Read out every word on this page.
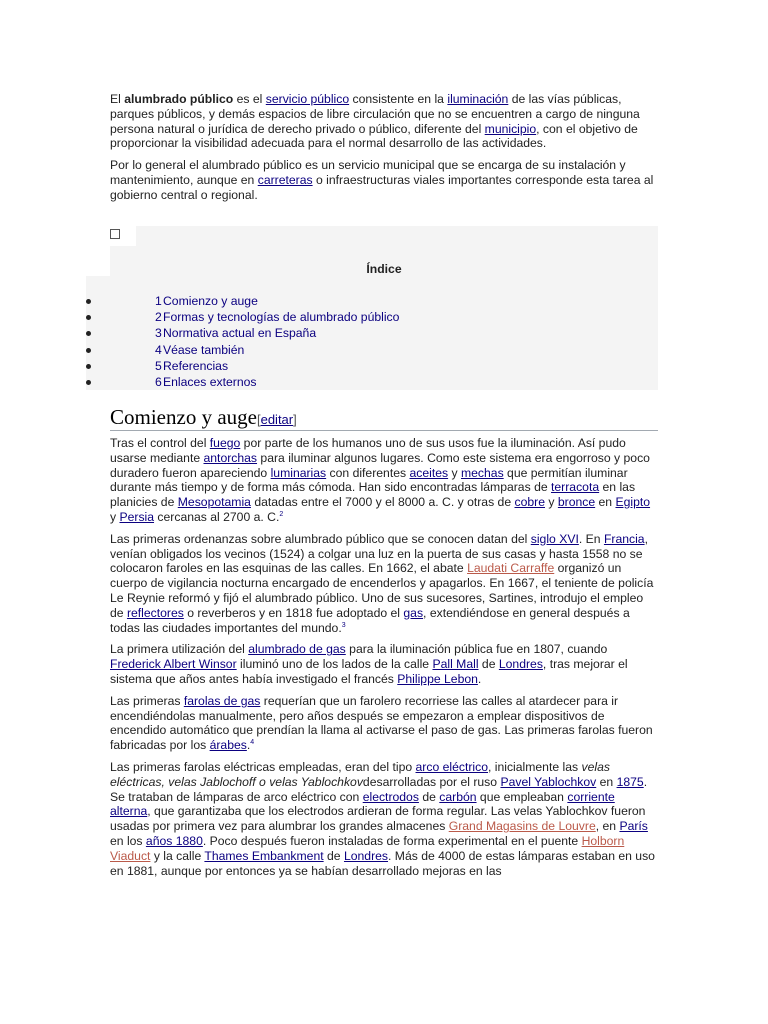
El alumbrado público es el servicio público consistente en la iluminación de las vías públicas, parques públicos, y demás espacios de libre circulación que no se encuentren a cargo de ninguna persona natural o jurídica de derecho privado o público, diferente del municipio, con el objetivo de proporcionar la visibilidad adecuada para el normal desarrollo de las actividades.

Por lo general el alumbrado público es un servicio municipal que se encarga de su instalación y mantenimiento, aunque en carreteras o infraestructuras viales importantes corresponde esta tarea al gobierno central o regional.

Índice
1 Comienzo y auge
2 Formas y tecnologías de alumbrado público
3 Normativa actual en España
4 Véase también
5 Referencias
6 Enlaces externos
Comienzo y auge[editar]

Tras el control del fuego por parte de los humanos uno de sus usos fue la iluminación. Así pudo usarse mediante antorchas para iluminar algunos lugares. Como este sistema era engorroso y poco duradero fueron apareciendo luminarias con diferentes aceites y mechas que permitían iluminar durante más tiempo y de forma más cómoda. Han sido encontradas lámparas de terracota en las planicies de Mesopotamia datadas entre el 7000 y el 8000 a. C. y otras de cobre y bronce en Egipto y Persia cercanas al 2700 a. C.$^2$

Las primeras ordenanzas sobre alumbrado público que se conocen datan del siglo XVI. En Francia, venían obligados los vecinos (1524) a colgar una luz en la puerta de sus casas y hasta 1558 no se colocaron faroles en las esquinas de las calles. En 1662, el abate Laudati Carraffe organizó un cuerpo de vigilancia nocturna encargado de encenderlos y apagarlos. En 1667, el teniente de policía Le Reynie reformó y fijó el alumbrado público. Uno de sus sucesores, Sartines, introdujo el empleo de reflectores o reverberos y en 1818 fue adoptado el gas, extendiéndose en general después a todas las ciudades importantes del mundo.$^3$

La primera utilización del alumbrado de gas para la iluminación pública fue en 1807, cuando Frederick Albert Winsor iluminó uno de los lados de la calle Pall Mall de Londres, tras mejorar el sistema que años antes había investigado el francés Philippe Lebon.

Las primeras farolas de gas requerían que un farolero recorriese las calles al atardecer para ir encendiéndolas manualmente, pero años después se empezaron a emplear dispositivos de encendido automático que prendían la llama al activarse el paso de gas. Las primeras farolas fueron fabricadas por los árabes.$^4$

Las primeras farolas eléctricas empleadas, eran del tipo arco eléctrico, inicialmente las velas eléctricas, velas Jablochoff o velas Yablochkovdesarrolladas por el ruso Pavel Yablochkov en 1875. Se trataban de lámparas de arco eléctrico con electrodos de carbón que empleaban corriente alterna, que garantizaba que los electrodos ardieran de forma regular. Las velas Yablochkov fueron usadas por primera vez para alumbrar los grandes almacenes Grand Magasins de Louvre, en París en los años 1880. Poco después fueron instaladas de forma experimental en el puente Holborn Viaduct y la calle Thames Embankment de Londres. Más de 4000 de estas lámparas estaban en uso en 1881, aunque por entonces ya se habían desarrollado mejoras en las
